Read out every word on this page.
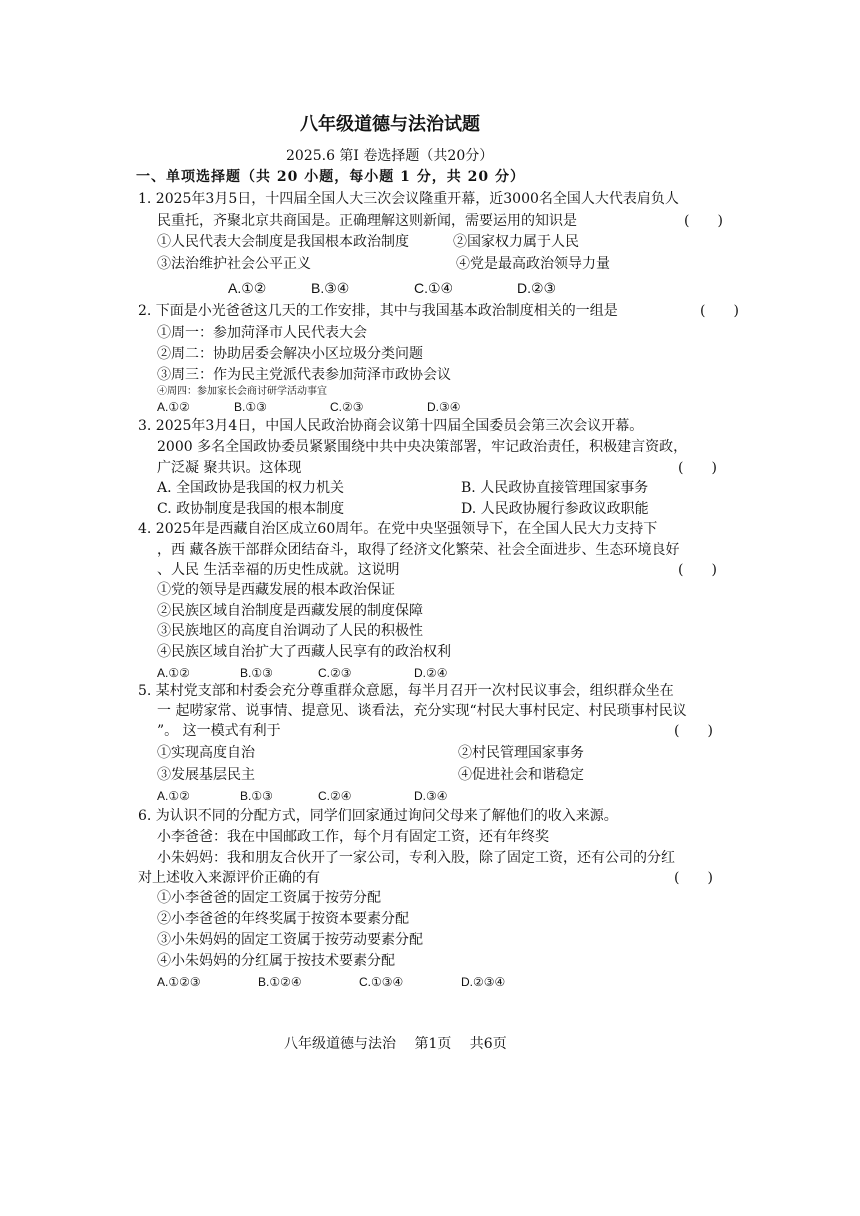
八年级道德与法治试题
2025.6 第Ⅰ 卷选择题（共20分）
一、单项选择题（共 20 小题，每小题 1 分，共 20 分）
1. 2025年3月5日，十四届全国人大三次会议隆重开幕，近3000名全国人大代表肩负人
民重托，齐聚北京共商国是。正确理解这则新闻，需要运用的知识是	(　　)
①人民代表大会制度是我国根本政治制度	②国家权力属于人民
③法治维护社会公平正义	④党是最高政治领导力量
A.①②	B.③④	C.①④	D.②③
2. 下面是小光爸爸这几天的工作安排，其中与我国基本政治制度相关的一组是	(　　)
①周一：参加菏泽市人民代表大会
②周二：协助居委会解决小区垃圾分类问题
③周三：作为民主党派代表参加菏泽市政协会议
④周四：参加家长会商讨研学活动事宜
A.①②	B.①③	C.②③	D.③④
3. 2025年3月4日，中国人民政治协商会议第十四届全国委员会第三次会议开幕。
2000 多名全国政协委员紧紧围绕中共中央决策部署，牢记政治责任，积极建言资政，
广泛凝 聚共识。这体现	(　　)
A. 全国政协是我国的权力机关	B. 人民政协直接管理国家事务
C. 政协制度是我国的根本制度	D. 人民政协履行参政议政职能
4. 2025年是西藏自治区成立60周年。在党中央坚强领导下，在全国人民大力支持下
，西 藏各族干部群众团结奋斗，取得了经济文化繁荣、社会全面进步、生态环境良好
、人民 生活幸福的历史性成就。这说明	(　　)
①党的领导是西藏发展的根本政治保证
②民族区域自治制度是西藏发展的制度保障
③民族地区的高度自治调动了人民的积极性
④民族区域自治扩大了西藏人民享有的政治权利
A.①②	B.①③	C.②③	D.②④
5. 某村党支部和村委会充分尊重群众意愿，每半月召开一次村民议事会，组织群众坐在
一 起唠家常、说事情、提意见、谈看法，充分实现“村民大事村民定、村民琐事村民议
”。 这一模式有利于	(　　)
①实现高度自治	②村民管理国家事务
③发展基层民主	④促进社会和谐稳定
A.①②	B.①③	C.②④	D.③④
6. 为认识不同的分配方式，同学们回家通过询问父母来了解他们的收入来源。
小李爸爸：我在中国邮政工作，每个月有固定工资，还有年终奖
小朱妈妈：我和朋友合伙开了一家公司，专利入股，除了固定工资，还有公司的分红
对上述收入来源评价正确的有	(　　)
①小李爸爸的固定工资属于按劳分配
②小李爸爸的年终奖属于按资本要素分配
③小朱妈妈的固定工资属于按劳动要素分配
④小朱妈妈的分红属于按技术要素分配
A.①②③	B.①②④	C.①③④	D.②③④
八年级道德与法治　 第1页　 共6页
